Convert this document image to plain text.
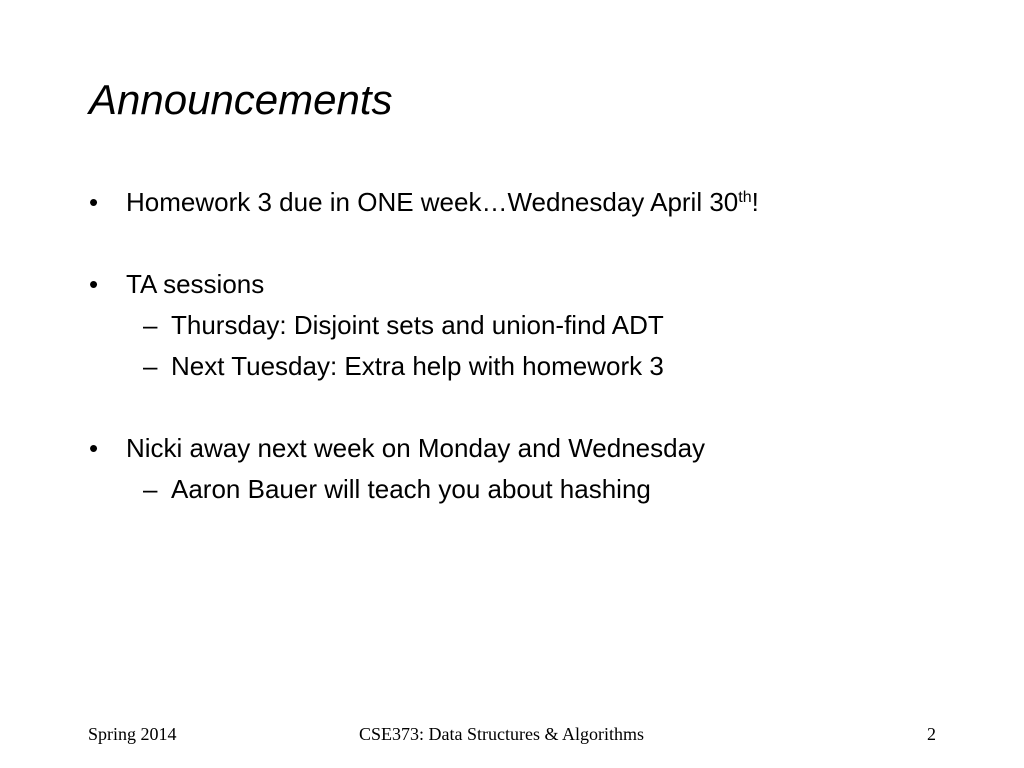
Announcements
• Homework 3 due in ONE week…Wednesday April 30th!
• TA sessions
– Thursday: Disjoint sets and union-find ADT
– Next Tuesday: Extra help with homework 3
• Nicki away next week on Monday and Wednesday
– Aaron Bauer will teach you about hashing
Spring 2014	CSE373: Data Structures & Algorithms	2
